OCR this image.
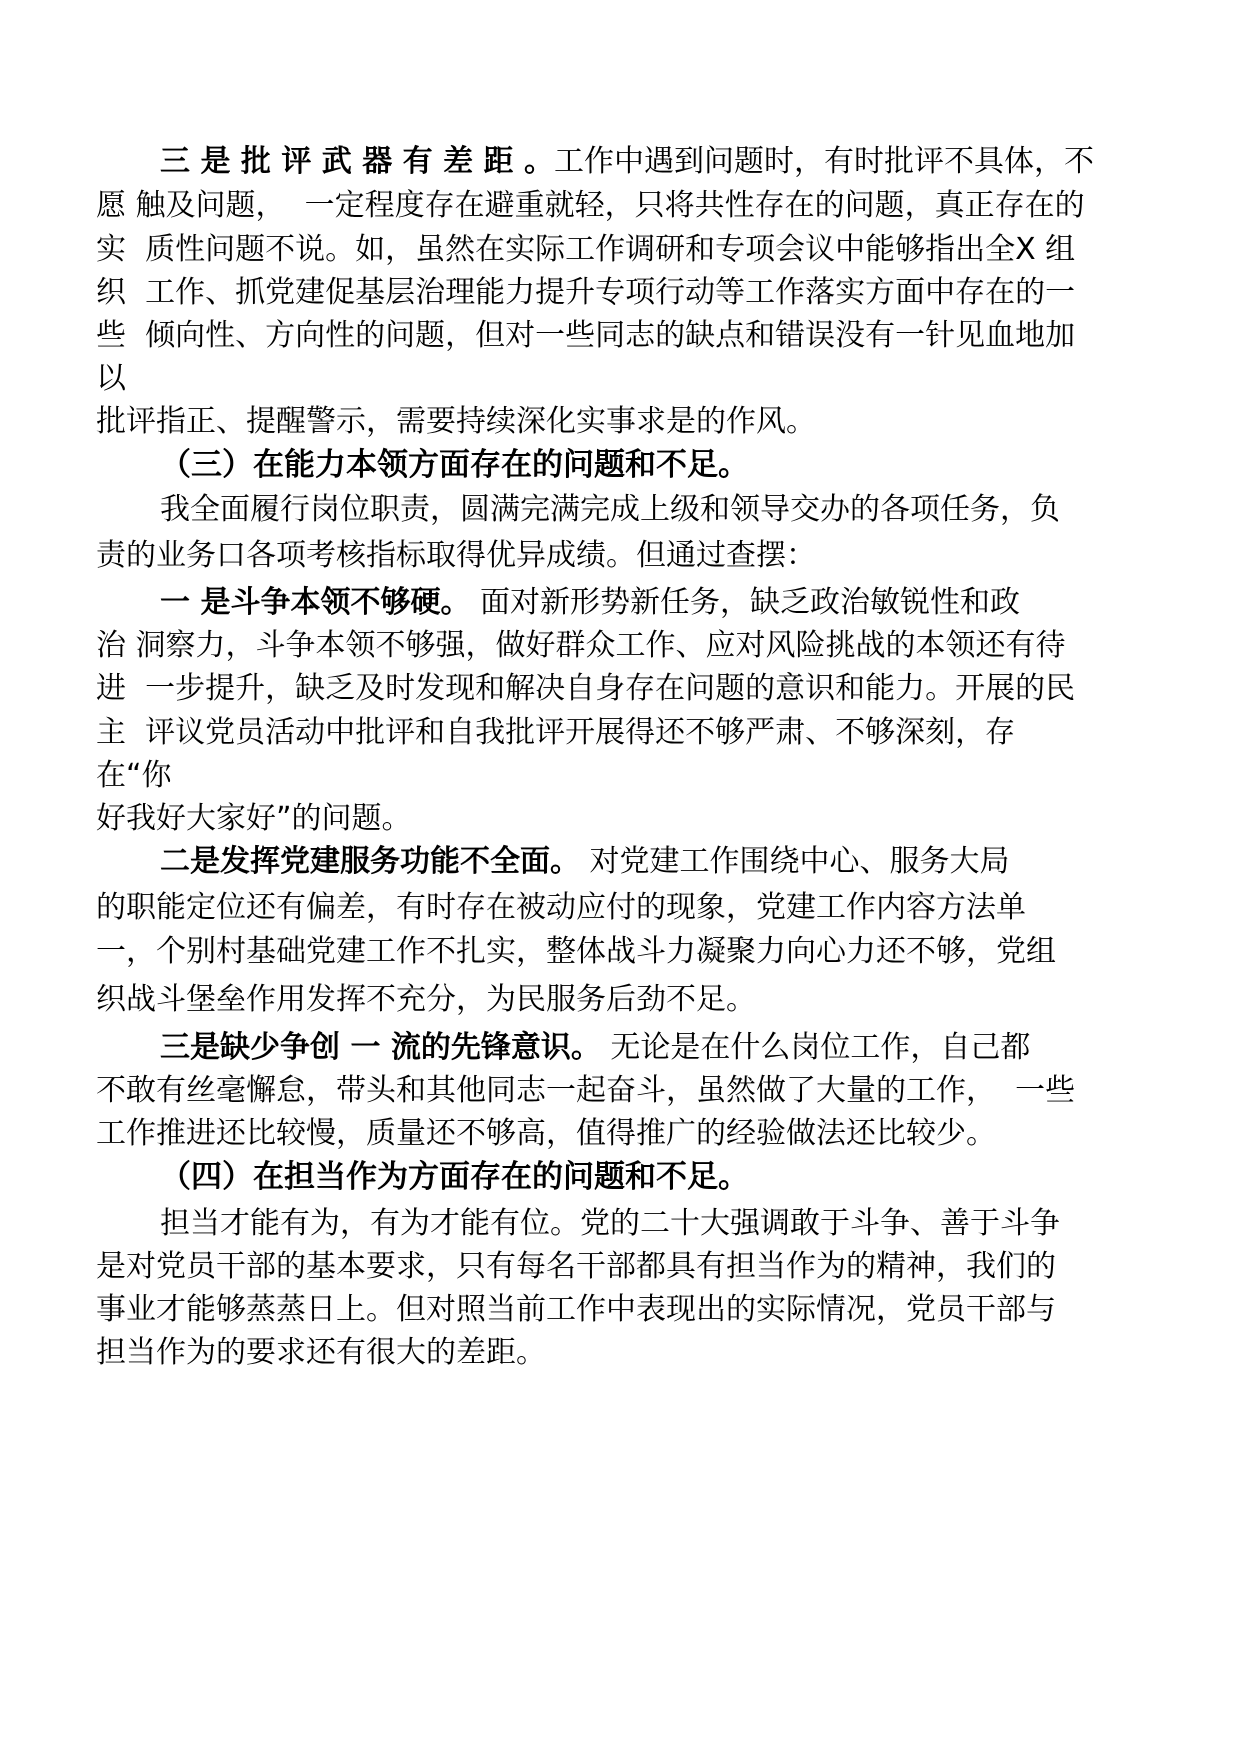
三 是 批 评 武 器 有 差 距 。工作中遇到问题时，有时批评不具体，不

愿 触及问题，  一定程度存在避重就轻，只将共性存在的问题，真正存在的

实  质性问题不说。如，虽然在实际工作调研和专项会议中能够指出全X 组

织  工作、抓党建促基层治理能力提升专项行动等工作落实方面中存在的一

些  倾向性、方向性的问题，但对一些同志的缺点和错误没有一针见血地加

以

批评指正、提醒警示，需要持续深化实事求是的作风。

（三）在能力本领方面存在的问题和不足。

我全面履行岗位职责，圆满完满完成上级和领导交办的各项任务，负

责的业务口各项考核指标取得优异成绩。但通过查摆：

一 是斗争本领不够硬。 面对新形势新任务，缺乏政治敏锐性和政

治 洞察力，斗争本领不够强，做好群众工作、应对风险挑战的本领还有待

进  一步提升，缺乏及时发现和解决自身存在问题的意识和能力。开展的民

主  评议党员活动中批评和自我批评开展得还不够严肃、不够深刻，存

在“你

好我好大家好”的问题。

二是发挥党建服务功能不全面。 对党建工作围绕中心、服务大局

的职能定位还有偏差，有时存在被动应付的现象，党建工作内容方法单

一，个别村基础党建工作不扎实，整体战斗力凝聚力向心力还不够，党组

织战斗堡垒作用发挥不充分，为民服务后劲不足。

三是缺少争创 一 流的先锋意识。 无论是在什么岗位工作，自己都

不敢有丝毫懈怠，带头和其他同志一起奋斗，虽然做了大量的工作，  一些

工作推进还比较慢，质量还不够高，值得推广的经验做法还比较少。

（四）在担当作为方面存在的问题和不足。

担当才能有为，有为才能有位。党的二十大强调敢于斗争、善于斗争

是对党员干部的基本要求，只有每名干部都具有担当作为的精神，我们的

事业才能够蒸蒸日上。但对照当前工作中表现出的实际情况，党员干部与

担当作为的要求还有很大的差距。
